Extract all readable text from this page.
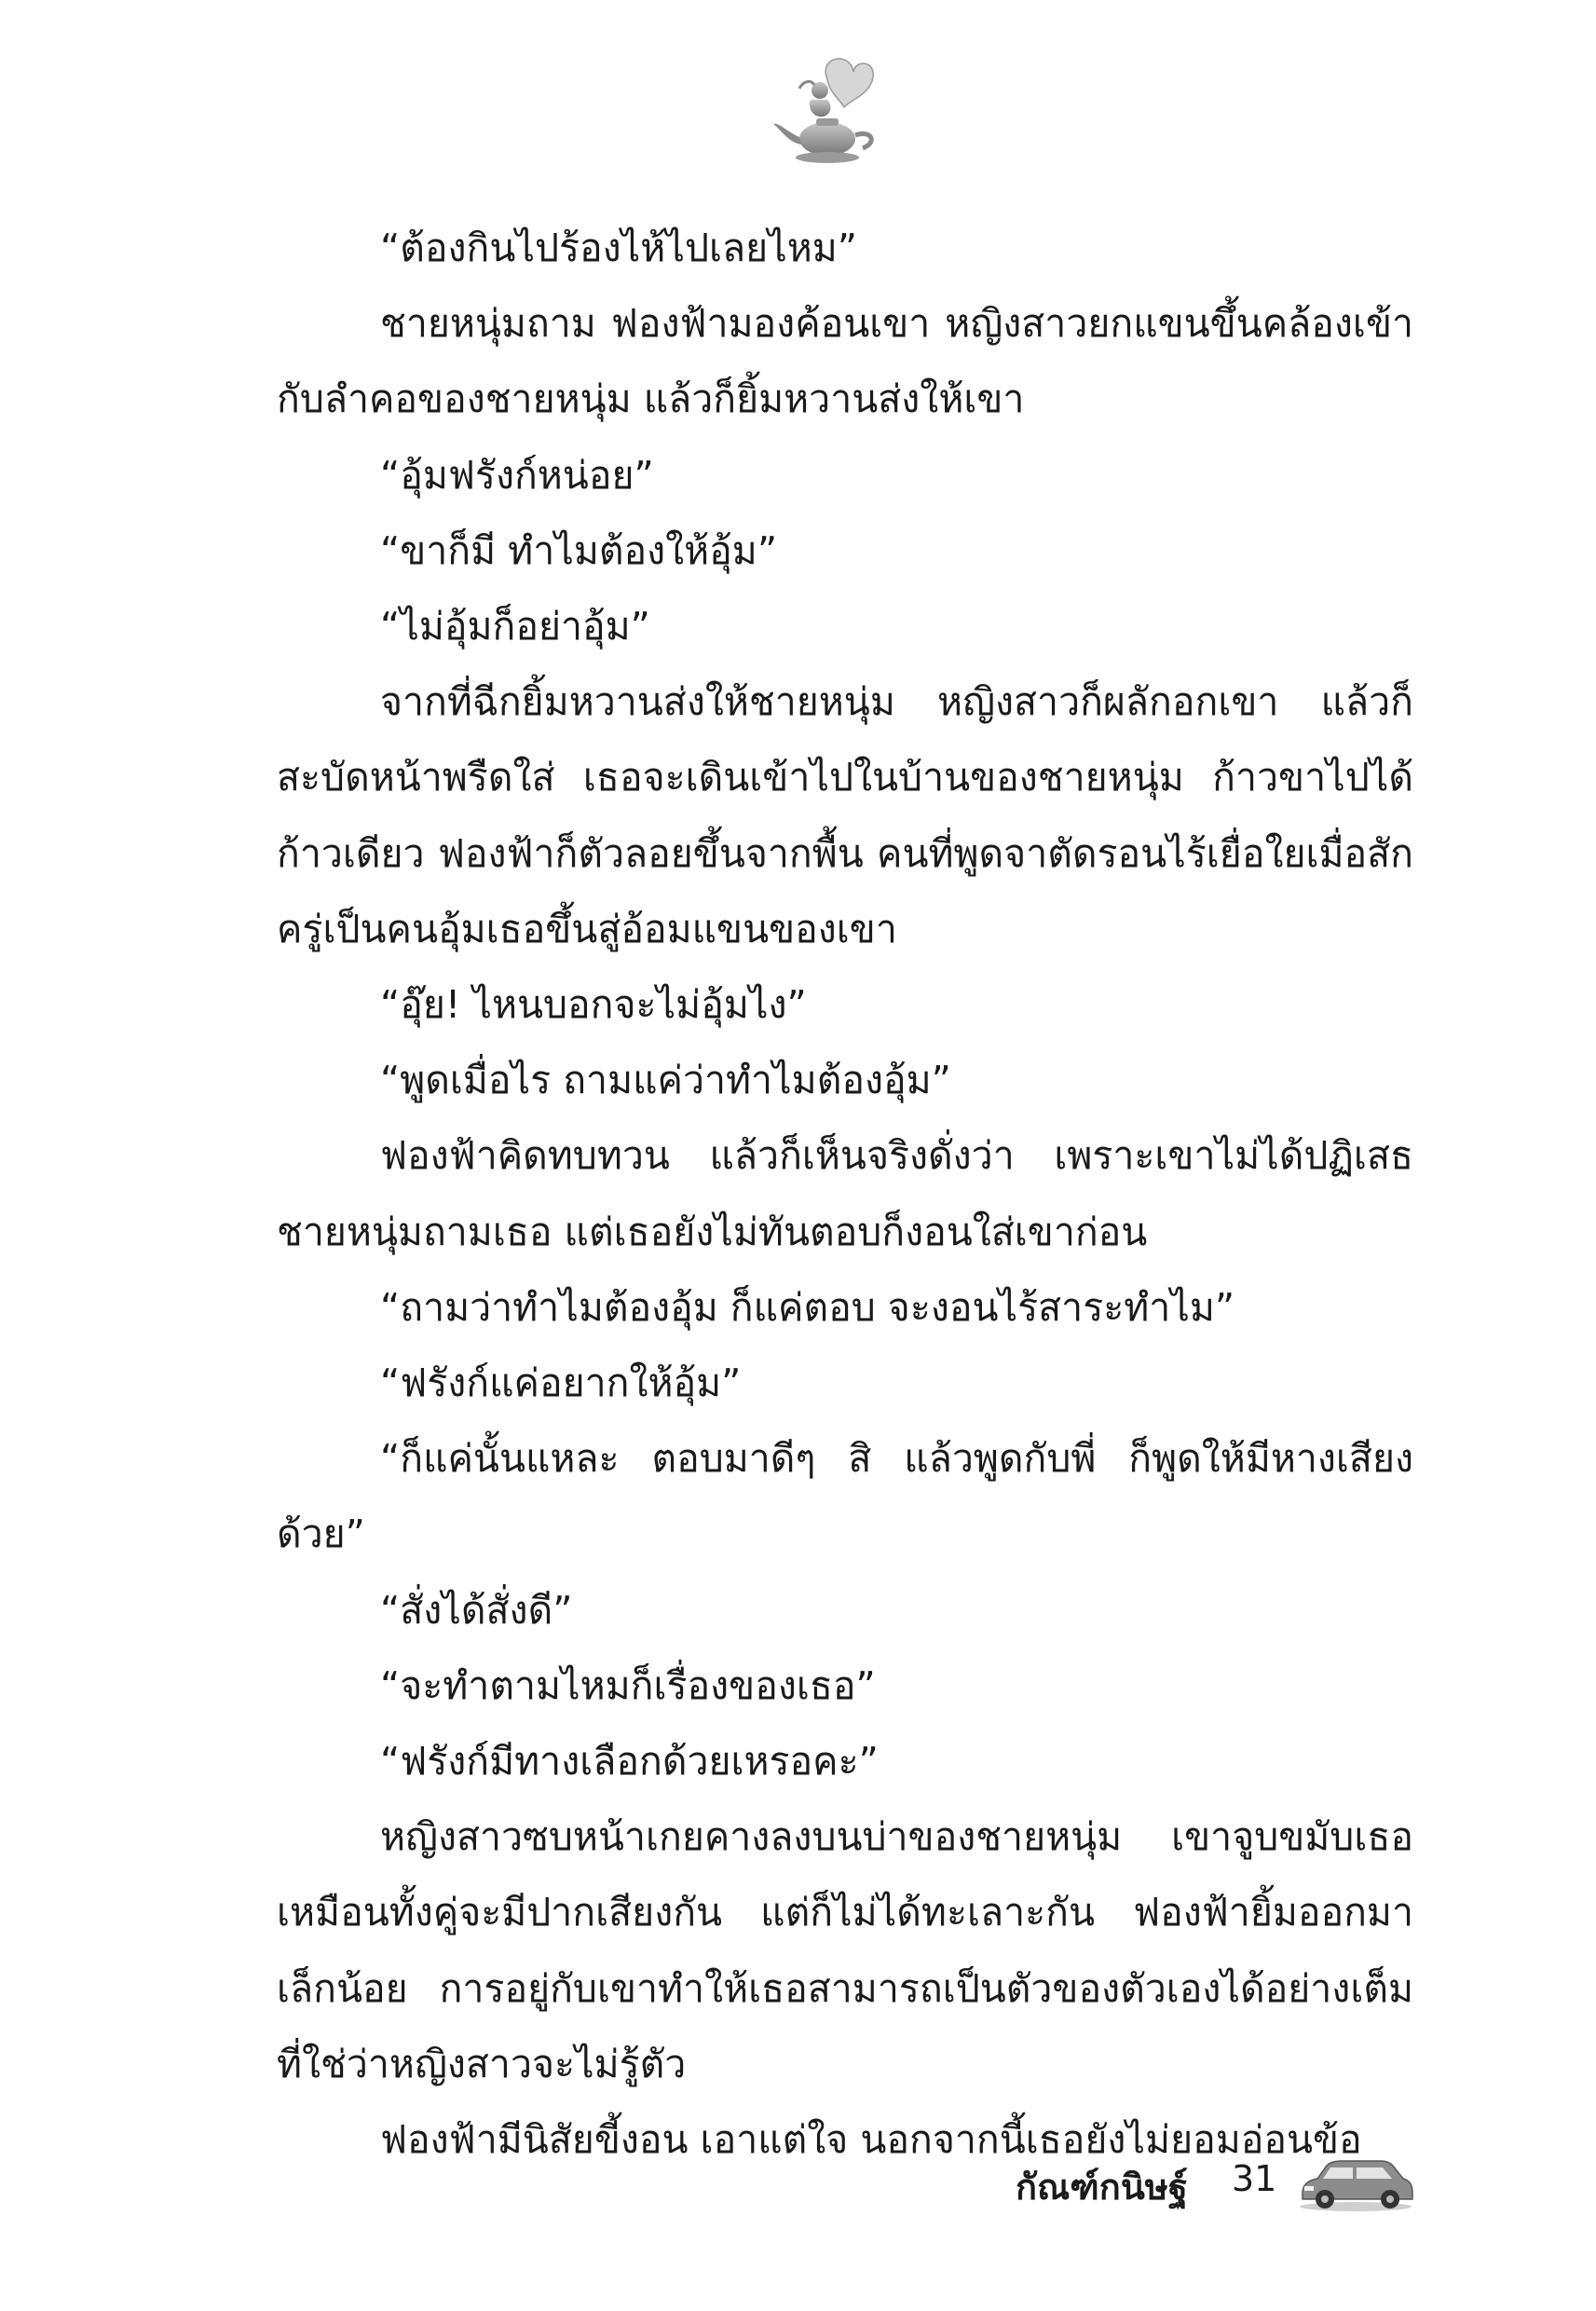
“ต้องกินไปร้องไห้ไปเลยไหม”

ชายหนุ่มถาม ฟองฟ้ามองค้อนเขา หญิงสาวยกแขนขึ้นคล้องเข้ากับลำคอของชายหนุ่ม แล้วก็ยิ้มหวานส่งให้เขา

“อุ้มฟรังก์หน่อย”

“ขาก็มี ทำไมต้องให้อุ้ม”

“ไม่อุ้มก็อย่าอุ้ม”

จากที่ฉีกยิ้มหวานส่งให้ชายหนุ่ม หญิงสาวก็ผลักอกเขา แล้วก็สะบัดหน้าพรืดใส่ เธอจะเดินเข้าไปในบ้านของชายหนุ่ม ก้าวขาไปได้ก้าวเดียว ฟองฟ้าก็ตัวลอยขึ้นจากพื้น คนที่พูดจาตัดรอนไร้เยื่อใยเมื่อสักครู่เป็นคนอุ้มเธอขึ้นสู่อ้อมแขนของเขา

“อุ๊ย! ไหนบอกจะไม่อุ้มไง”

“พูดเมื่อไร ถามแค่ว่าทำไมต้องอุ้ม”

ฟองฟ้าคิดทบทวน แล้วก็เห็นจริงดั่งว่า เพราะเขาไม่ได้ปฏิเสธชายหนุ่มถามเธอ แต่เธอยังไม่ทันตอบก็งอนใส่เขาก่อน

“ถามว่าทำไมต้องอุ้ม ก็แค่ตอบ จะงอนไร้สาระทำไม”

“ฟรังก์แค่อยากให้อุ้ม”

“ก็แค่นั้นแหละ ตอบมาดีๆ สิ แล้วพูดกับพี่ ก็พูดให้มีหางเสียงด้วย”

“สั่งได้สั่งดี”

“จะทำตามไหมก็เรื่องของเธอ”

“ฟรังก์มีทางเลือกด้วยเหรอคะ”

หญิงสาวซบหน้าเกยคางลงบนบ่าของชายหนุ่ม เขาจูบขมับเธอเหมือนทั้งคู่จะมีปากเสียงกัน แต่ก็ไม่ได้ทะเลาะกัน ฟองฟ้ายิ้มออกมาเล็กน้อย การอยู่กับเขาทำให้เธอสามารถเป็นตัวของตัวเองได้อย่างเต็มที่ใช่ว่าหญิงสาวจะไม่รู้ตัว

ฟองฟ้ามีนิสัยขี้งอน เอาแต่ใจ นอกจากนี้เธอยังไม่ยอมอ่อนข้อ

กัณฑ์กนิษฐ์ 31
